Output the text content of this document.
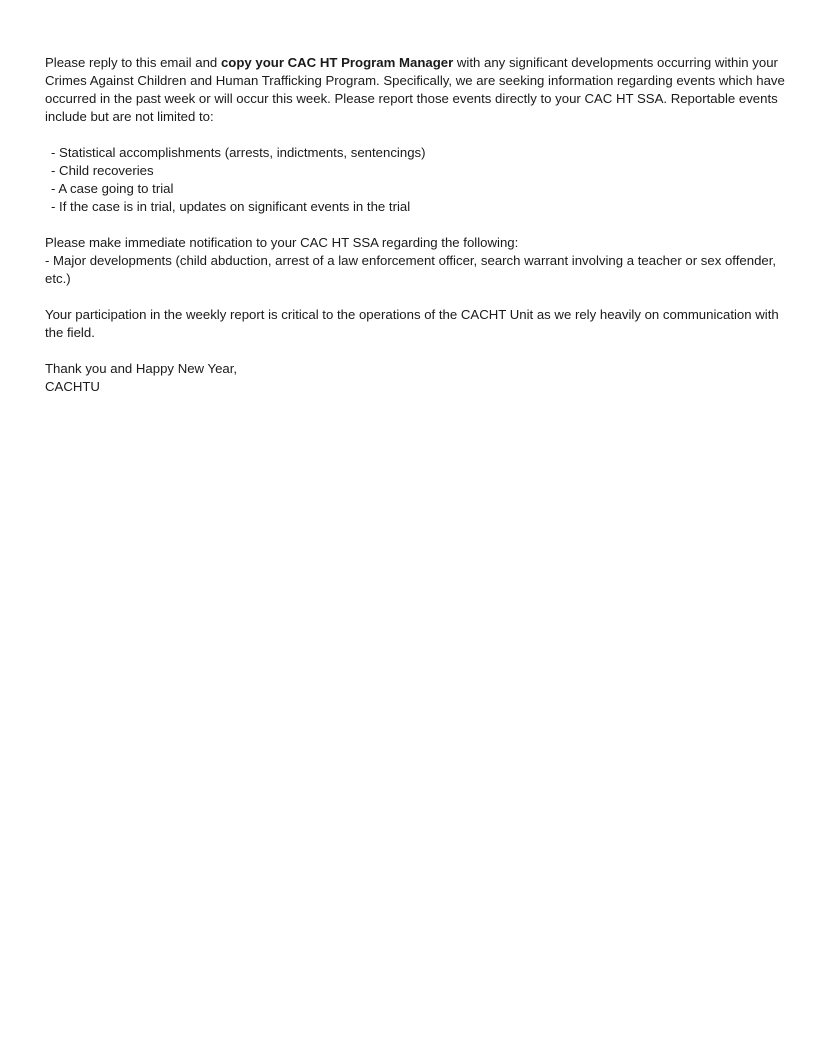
Please reply to this email and copy your CAC HT Program Manager with any significant developments occurring within your Crimes Against Children and Human Trafficking Program. Specifically, we are seeking information regarding events which have occurred in the past week or will occur this week. Please report those events directly to your CAC HT SSA. Reportable events include but are not limited to:

- Statistical accomplishments (arrests, indictments, sentencings)
- Child recoveries
- A case going to trial
- If the case is in trial, updates on significant events in the trial

Please make immediate notification to your CAC HT SSA regarding the following:

- Major developments (child abduction, arrest of a law enforcement officer, search warrant involving a teacher or sex offender, etc.)

Your participation in the weekly report is critical to the operations of the CACHT Unit as we rely heavily on communication with the field.

Thank you and Happy New Year,

CACHTU
